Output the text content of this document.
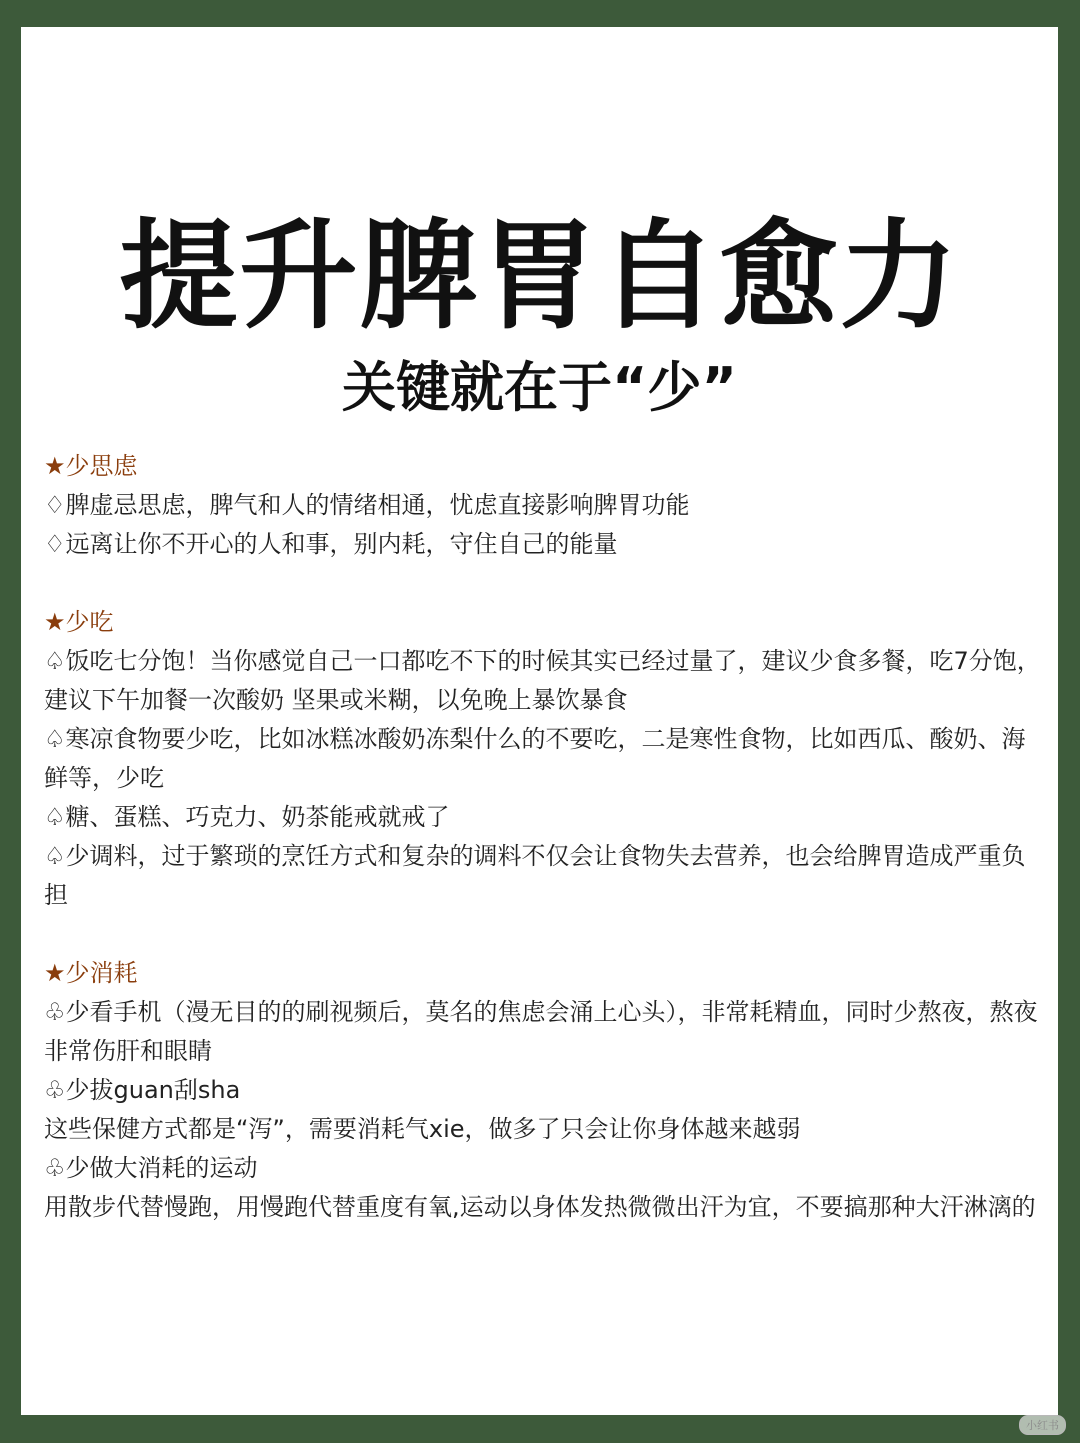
提升脾胃自愈力
关键就在于“少”
★少思虑
♢脾虚忌思虑，脾气和人的情绪相通，忧虑直接影响脾胃功能
♢远离让你不开心的人和事，别内耗，守住自己的能量
★少吃
♤饭吃七分饱！当你感觉自己一口都吃不下的时候其实已经过量了，建议少食多餐，吃7分饱，建议下午加餐一次酸奶 坚果或米糊，以免晚上暴饮暴食
♤寒凉食物要少吃，比如冰糕冰酸奶冻梨什么的不要吃，二是寒性食物，比如西瓜、酸奶、海鲜等，少吃
♤糖、蛋糕、巧克力、奶茶能戒就戒了
♤少调料，过于繁琐的烹饪方式和复杂的调料不仅会让食物失去营养，也会给脾胃造成严重负担
★少消耗
♧少看手机（漫无目的的刷视频后，莫名的焦虑会涌上心头），非常耗精血，同时少熬夜，熬夜非常伤肝和眼睛
♧少拔guan刮sha
这些保健方式都是“泻”，需要消耗气xie，做多了只会让你身体越来越弱
♧少做大消耗的运动
用散步代替慢跑，用慢跑代替重度有氧,运动以身体发热微微出汗为宜，不要搞那种大汗淋漓的
小红书
